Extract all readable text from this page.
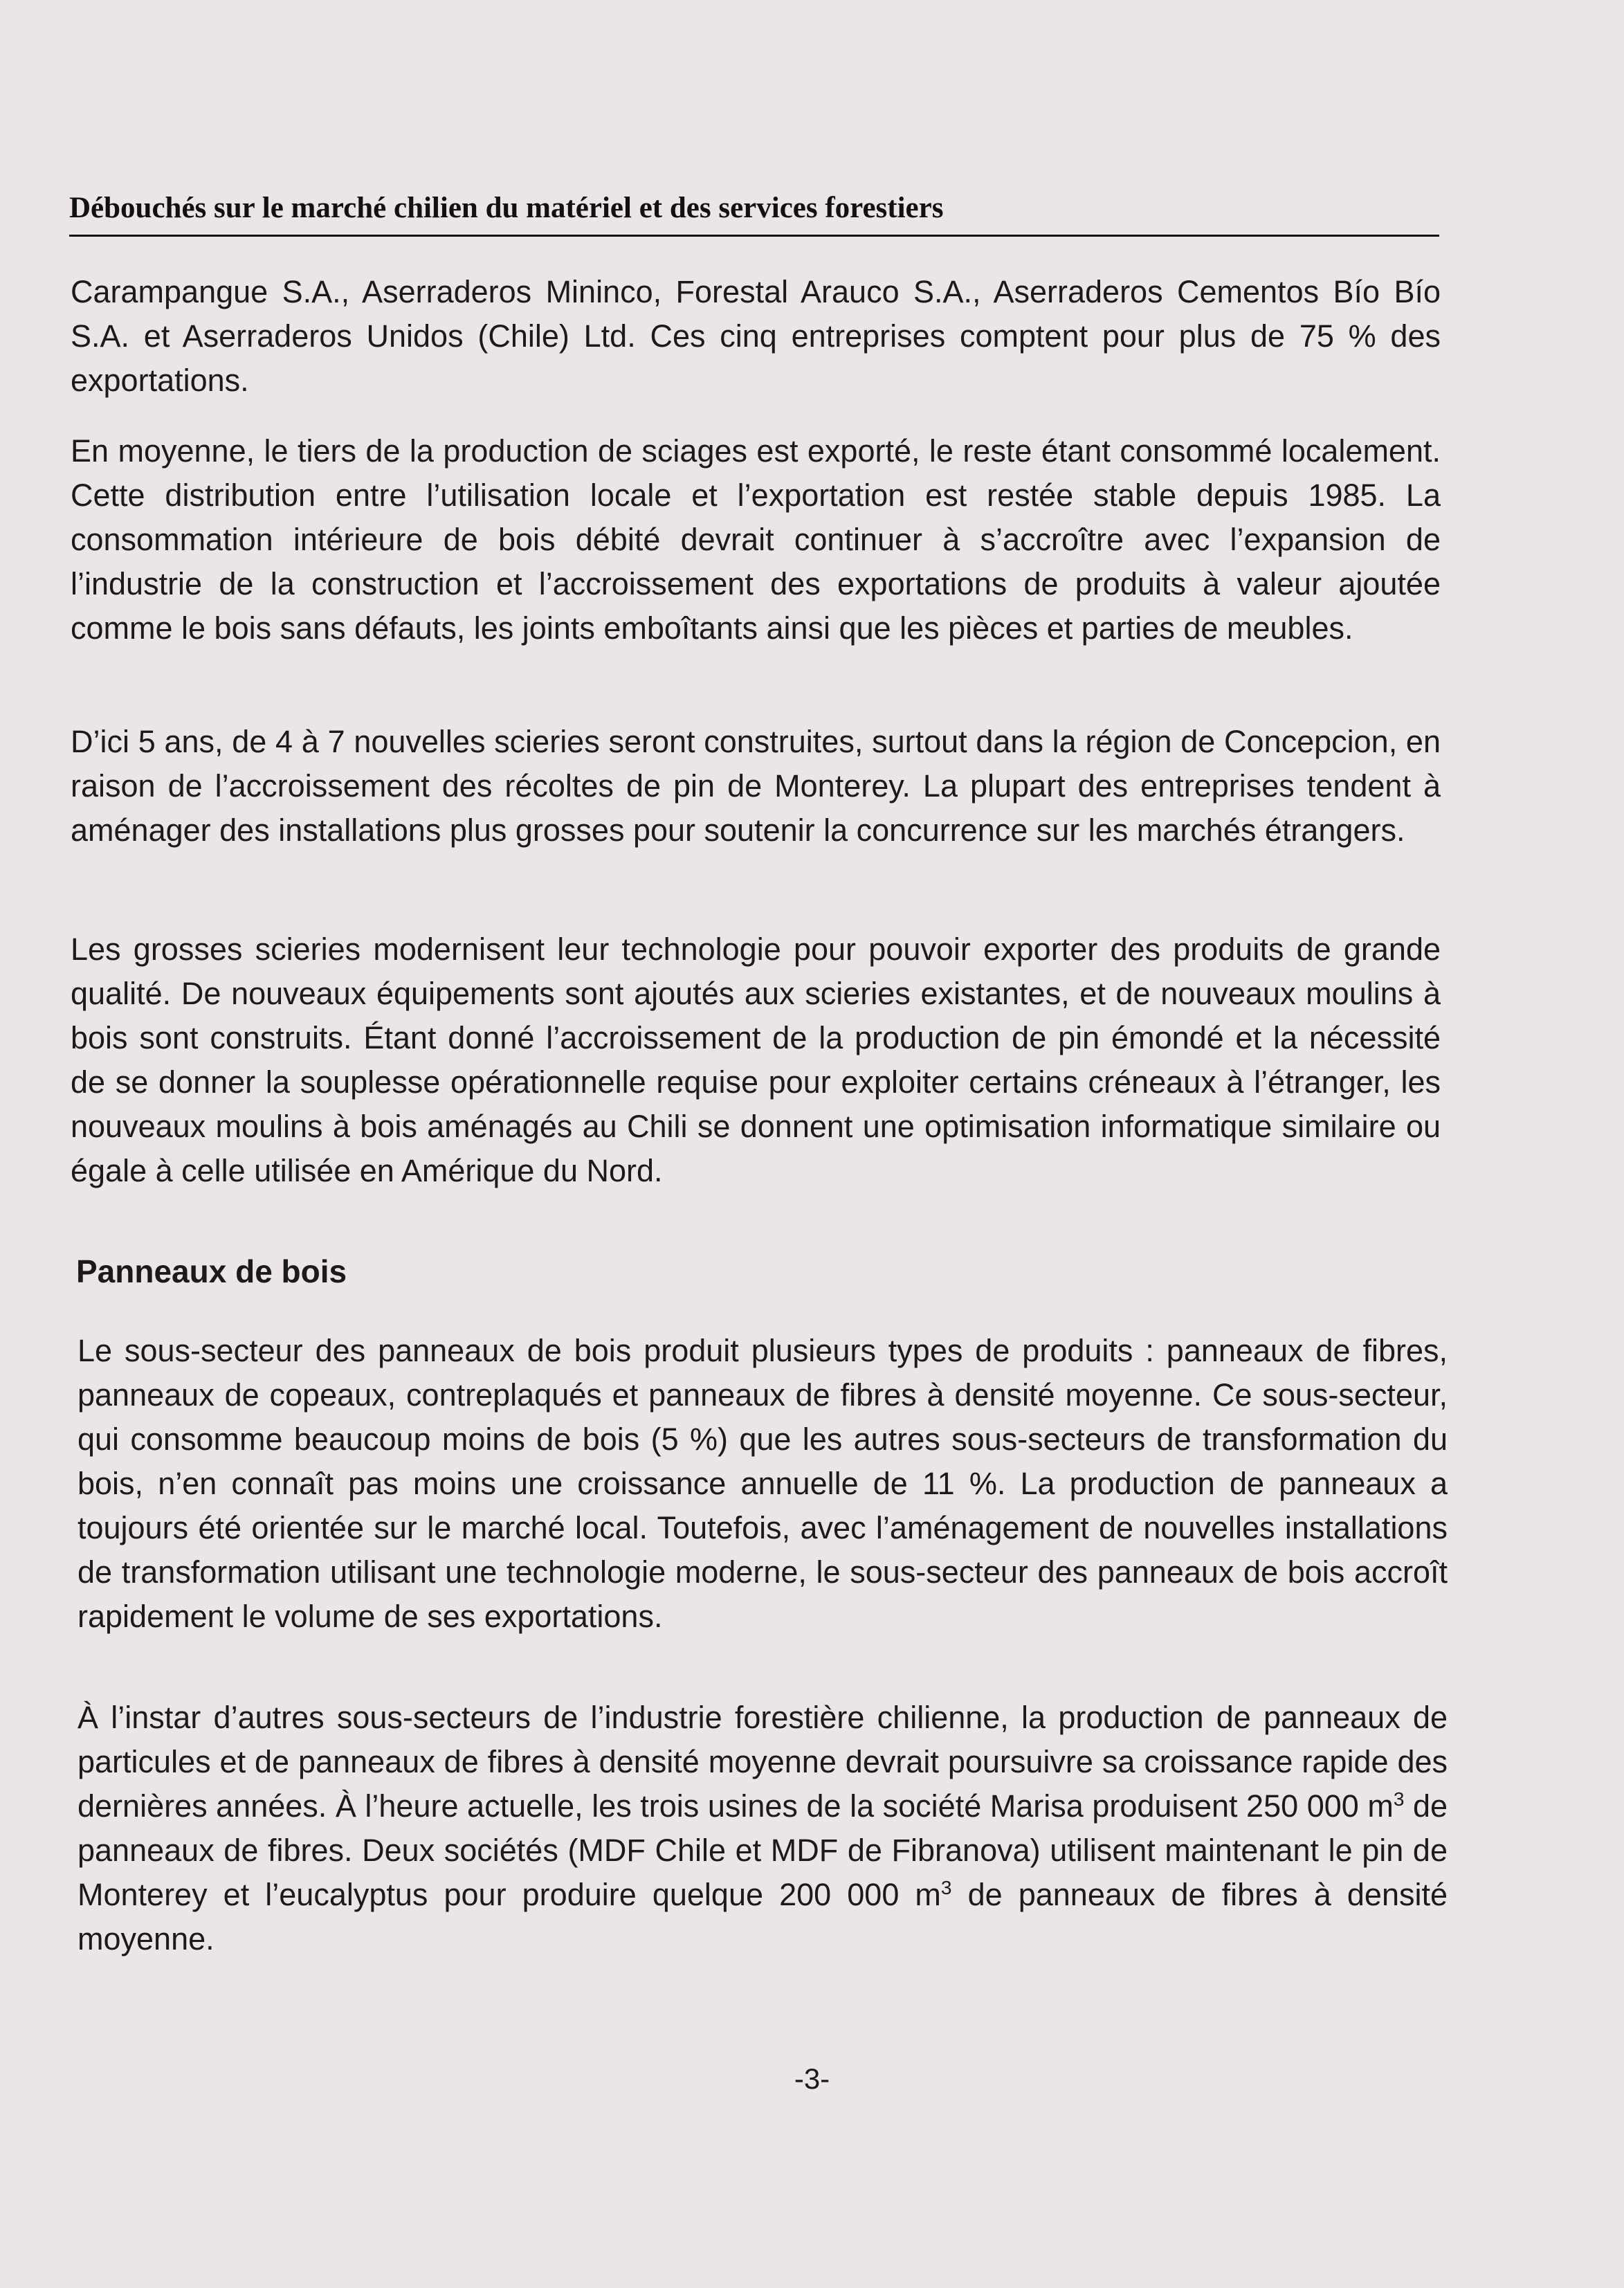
Débouchés sur le marché chilien du matériel et des services forestiers

Carampangue S.A., Aserraderos Mininco, Forestal Arauco S.A., Aserraderos Cementos Bío Bío S.A. et Aserraderos Unidos (Chile) Ltd. Ces cinq entreprises comptent pour plus de 75 % des exportations.

En moyenne, le tiers de la production de sciages est exporté, le reste étant consommé localement. Cette distribution entre l’utilisation locale et l’exportation est restée stable depuis 1985. La consommation intérieure de bois débité devrait continuer à s’accroître avec l’expansion de l’industrie de la construction et l’accroissement des exportations de produits à valeur ajoutée comme le bois sans défauts, les joints emboîtants ainsi que les pièces et parties de meubles.

D’ici 5 ans, de 4 à 7 nouvelles scieries seront construites, surtout dans la région de Concepcion, en raison de l’accroissement des récoltes de pin de Monterey. La plupart des entreprises tendent à aménager des installations plus grosses pour soutenir la concurrence sur les marchés étrangers.

Les grosses scieries modernisent leur technologie pour pouvoir exporter des produits de grande qualité. De nouveaux équipements sont ajoutés aux scieries existantes, et de nouveaux moulins à bois sont construits. Étant donné l’accroissement de la production de pin émondé et la nécessité de se donner la souplesse opérationnelle requise pour exploiter certains créneaux à l’étranger, les nouveaux moulins à bois aménagés au Chili se donnent une optimisation informatique similaire ou égale à celle utilisée en Amérique du Nord.

Panneaux de bois

Le sous-secteur des panneaux de bois produit plusieurs types de produits : panneaux de fibres, panneaux de copeaux, contreplaqués et panneaux de fibres à densité moyenne. Ce sous-secteur, qui consomme beaucoup moins de bois (5 %) que les autres sous-secteurs de transformation du bois, n’en connaît pas moins une croissance annuelle de 11 %. La production de panneaux a toujours été orientée sur le marché local. Toutefois, avec l’aménagement de nouvelles installations de transformation utilisant une technologie moderne, le sous-secteur des panneaux de bois accroît rapidement le volume de ses exportations.

À l’instar d’autres sous-secteurs de l’industrie forestière chilienne, la production de panneaux de particules et de panneaux de fibres à densité moyenne devrait poursuivre sa croissance rapide des dernières années. À l’heure actuelle, les trois usines de la société Marisa produisent 250 000 $m^3$ de panneaux de fibres. Deux sociétés (MDF Chile et MDF de Fibranova) utilisent maintenant le pin de Monterey et l’eucalyptus pour produire quelque 200 000 $m^3$ de panneaux de fibres à densité moyenne.

-3-
